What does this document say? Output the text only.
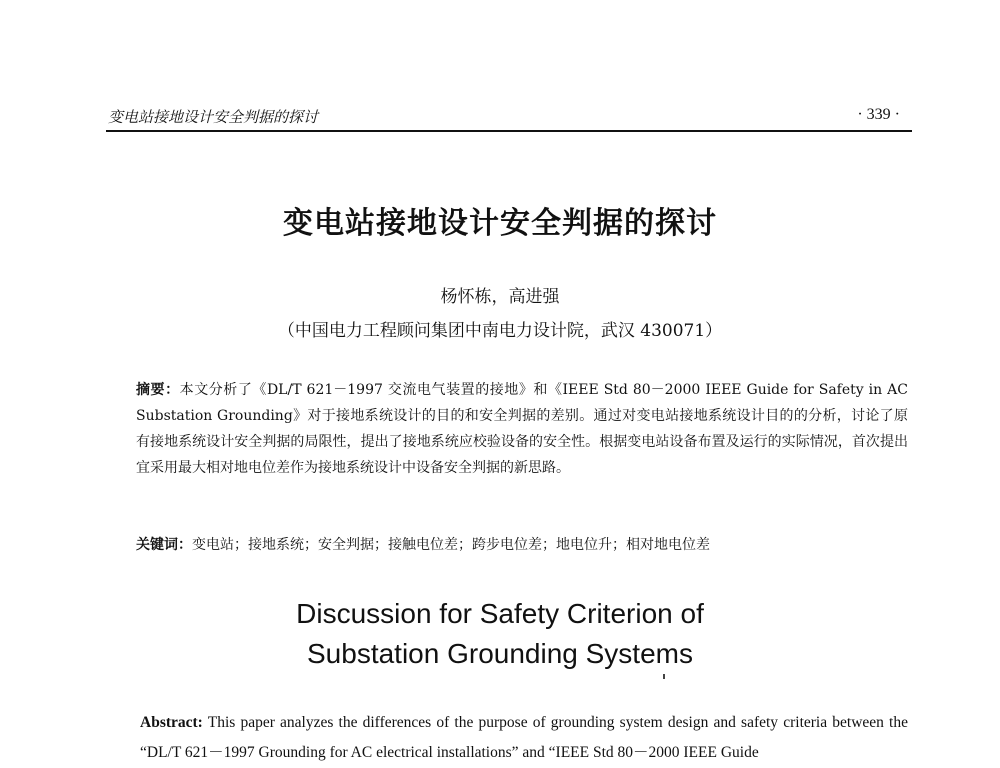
变电站接地设计安全判据的探讨	· 339 ·
变电站接地设计安全判据的探讨
杨怀栋，高进强
（中国电力工程顾问集团中南电力设计院，武汉 430071）
摘要：本文分析了《DL/T 621－1997 交流电气装置的接地》和《IEEE Std 80－2000 IEEE Guide for Safety in AC Substation Grounding》对于接地系统设计的目的和安全判据的差别。通过对变电站接地系统设计目的的分析，讨论了原有接地系统设计安全判据的局限性，提出了接地系统应校验设备的安全性。根据变电站设备布置及运行的实际情况，首次提出宜采用最大相对地电位差作为接地系统设计中设备安全判据的新思路。
关键词：变电站；接地系统；安全判据；接触电位差；跨步电位差；地电位升；相对地电位差
Discussion for Safety Criterion of
Substation Grounding Systems
Abstract: This paper analyzes the differences of the purpose of grounding system design and safety criteria between the “DL/T 621－1997 Grounding for AC electrical installations” and “IEEE Std 80－2000 IEEE Guide
